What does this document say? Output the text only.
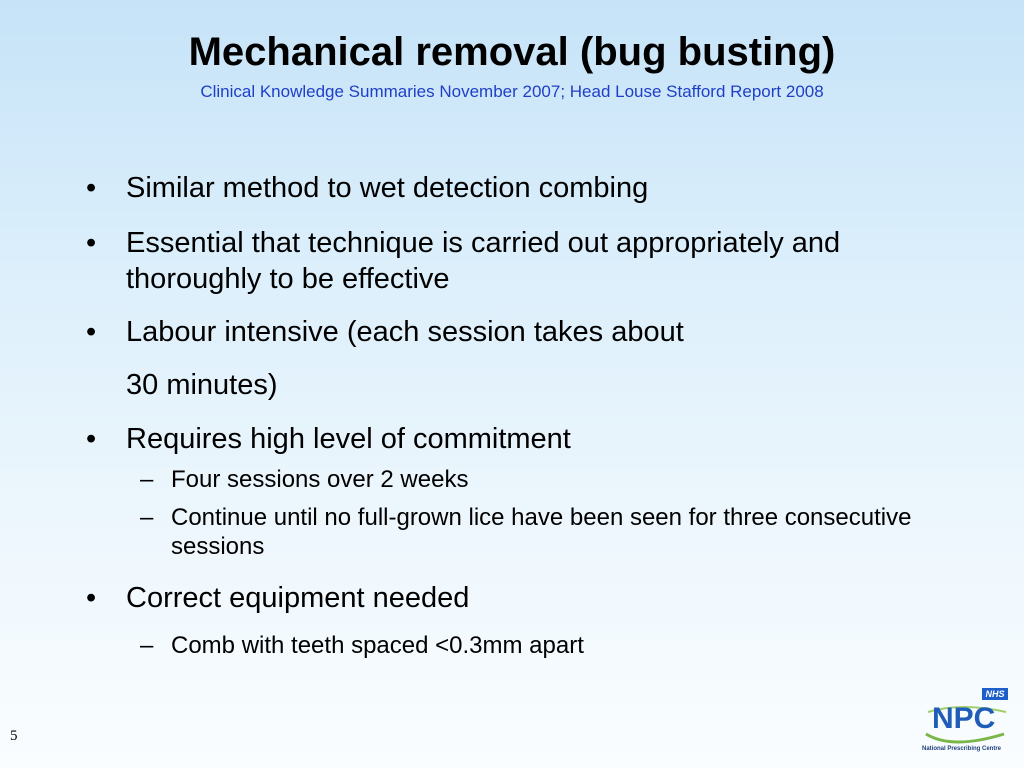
Mechanical removal (bug busting)
Clinical Knowledge Summaries November 2007; Head Louse Stafford Report 2008
•	Similar method to wet detection combing
•	Essential that technique is carried out appropriately and thoroughly to be effective
•	Labour intensive (each session takes about
30 minutes)
•	Requires high level of commitment
– Four sessions over 2 weeks
– Continue until no full-grown lice have been seen for three consecutive sessions
•	Correct equipment needed
– Comb with teeth spaced <0.3mm apart
5
NHS
NPC
National Prescribing Centre
